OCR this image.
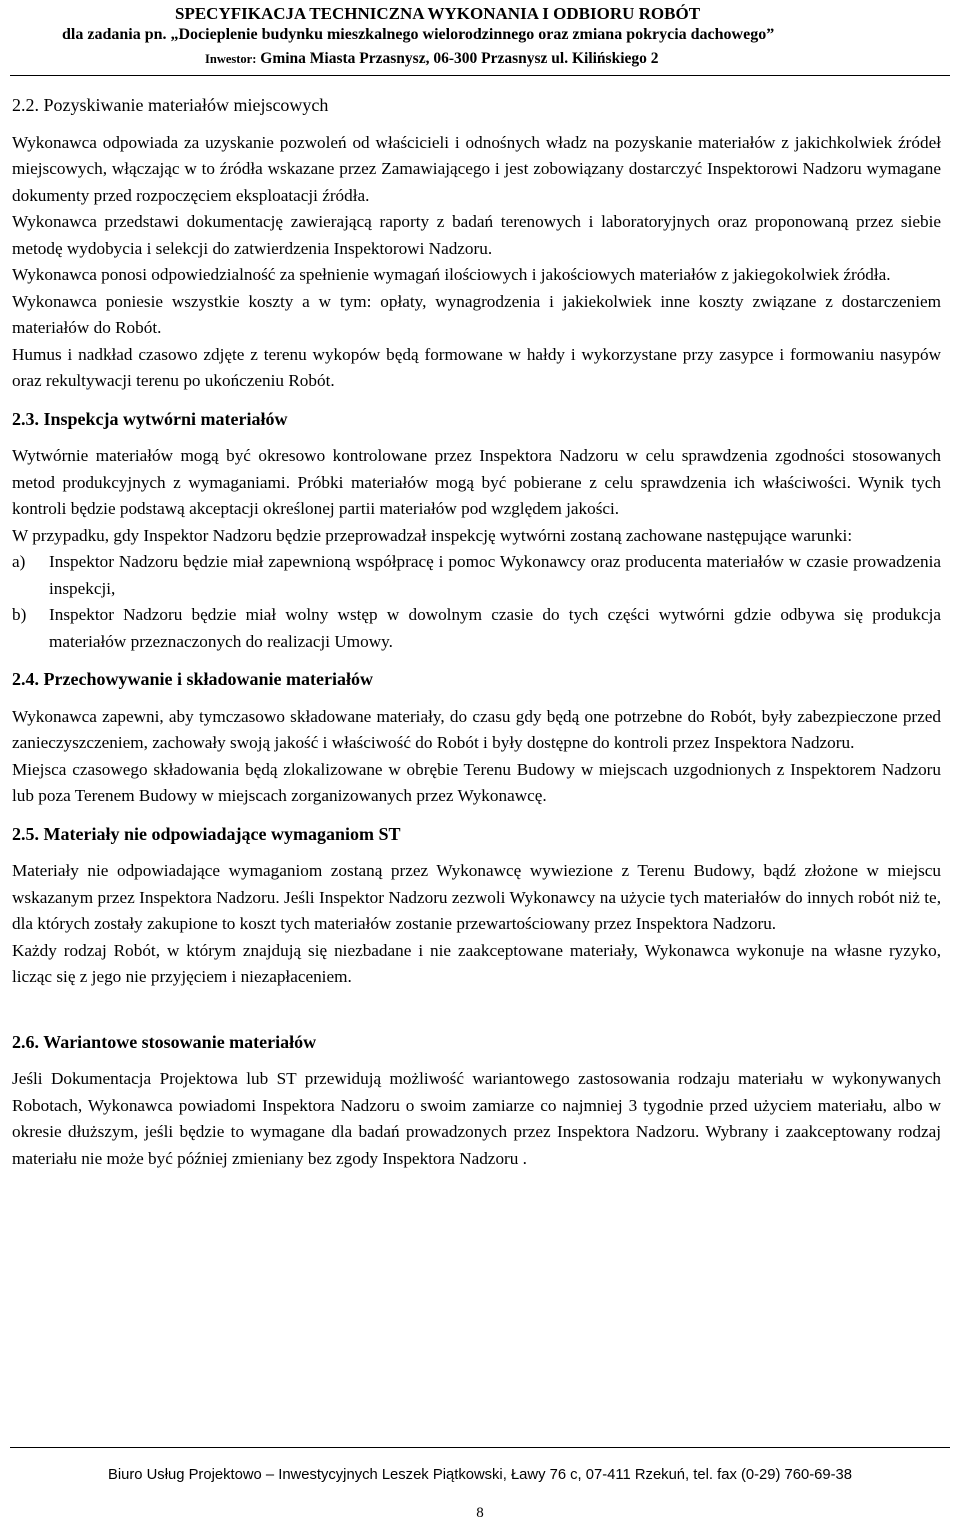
SPECYFIKACJA TECHNICZNA WYKONANIA I ODBIORU ROBÓT
dla zadania pn. „Docieplenie budynku mieszkalnego wielorodzinnego oraz zmiana pokrycia dachowego”
Inwestor: Gmina Miasta Przasnysz, 06-300 Przasnysz ul. Kilińskiego 2
2.2. Pozyskiwanie materiałów miejscowych

Wykonawca odpowiada za uzyskanie pozwoleń od właścicieli i odnośnych władz na pozyskanie materiałów z jakichkolwiek źródeł miejscowych, włączając w to źródła wskazane przez Zamawiającego i jest zobowiązany dostarczyć Inspektorowi Nadzoru wymagane dokumenty przed rozpoczęciem eksploatacji źródła.

Wykonawca przedstawi dokumentację zawierającą raporty z badań terenowych i laboratoryjnych oraz proponowaną przez siebie metodę wydobycia i selekcji do zatwierdzenia Inspektorowi Nadzoru.

Wykonawca ponosi odpowiedzialność za spełnienie wymagań ilościowych i jakościowych materiałów z jakiegokolwiek źródła.

Wykonawca poniesie wszystkie koszty a w tym: opłaty, wynagrodzenia i jakiekolwiek inne koszty związane z dostarczeniem materiałów do Robót.

Humus i nadkład czasowo zdjęte z terenu wykopów będą formowane w hałdy i wykorzystane przy zasypce i formowaniu nasypów oraz rekultywacji terenu po ukończeniu Robót.

2.3. Inspekcja wytwórni materiałów

Wytwórnie materiałów mogą być okresowo kontrolowane przez Inspektora Nadzoru w celu sprawdzenia zgodności stosowanych metod produkcyjnych z wymaganiami. Próbki materiałów mogą być pobierane z celu sprawdzenia ich właściwości. Wynik tych kontroli będzie podstawą akceptacji określonej partii materiałów pod względem jakości.

W przypadku, gdy Inspektor Nadzoru będzie przeprowadzał inspekcję wytwórni zostaną zachowane następujące warunki:

a) Inspektor Nadzoru będzie miał zapewnioną współpracę i pomoc Wykonawcy oraz producenta materiałów w czasie prowadzenia inspekcji,
b) Inspektor Nadzoru będzie miał wolny wstęp w dowolnym czasie do tych części wytwórni gdzie odbywa się produkcja materiałów przeznaczonych do realizacji Umowy.
2.4. Przechowywanie i składowanie materiałów

Wykonawca zapewni, aby tymczasowo składowane materiały, do czasu gdy będą one potrzebne do Robót, były zabezpieczone przed zanieczyszczeniem, zachowały swoją jakość i właściwość do Robót i były dostępne do kontroli przez Inspektora Nadzoru.

Miejsca czasowego składowania będą zlokalizowane w obrębie Terenu Budowy w miejscach uzgodnionych z Inspektorem Nadzoru lub poza Terenem Budowy w miejscach zorganizowanych przez Wykonawcę.

2.5. Materiały nie odpowiadające wymaganiom ST

Materiały nie odpowiadające wymaganiom zostaną przez Wykonawcę wywiezione z Terenu Budowy, bądź złożone w miejscu wskazanym przez Inspektora Nadzoru. Jeśli Inspektor Nadzoru zezwoli Wykonawcy na użycie tych materiałów do innych robót niż te, dla których zostały zakupione to koszt tych materiałów zostanie przewartościowany przez Inspektora Nadzoru.

Każdy rodzaj Robót, w którym znajdują się niezbadane i nie zaakceptowane materiały, Wykonawca wykonuje na własne ryzyko, licząc się z jego nie przyjęciem i niezapłaceniem.

2.6. Wariantowe stosowanie materiałów

Jeśli Dokumentacja Projektowa lub ST przewidują możliwość wariantowego zastosowania rodzaju materiału w wykonywanych Robotach, Wykonawca powiadomi Inspektora Nadzoru o swoim zamiarze co najmniej 3 tygodnie przed użyciem materiału, albo w okresie dłuższym, jeśli będzie to wymagane dla badań prowadzonych przez Inspektora Nadzoru. Wybrany i zaakceptowany rodzaj materiału nie może być później zmieniany bez zgody Inspektora Nadzoru .

Biuro Usług Projektowo – Inwestycyjnych Leszek Piątkowski, Ławy 76 c, 07-411 Rzekuń, tel. fax (0-29) 760-69-38
8
